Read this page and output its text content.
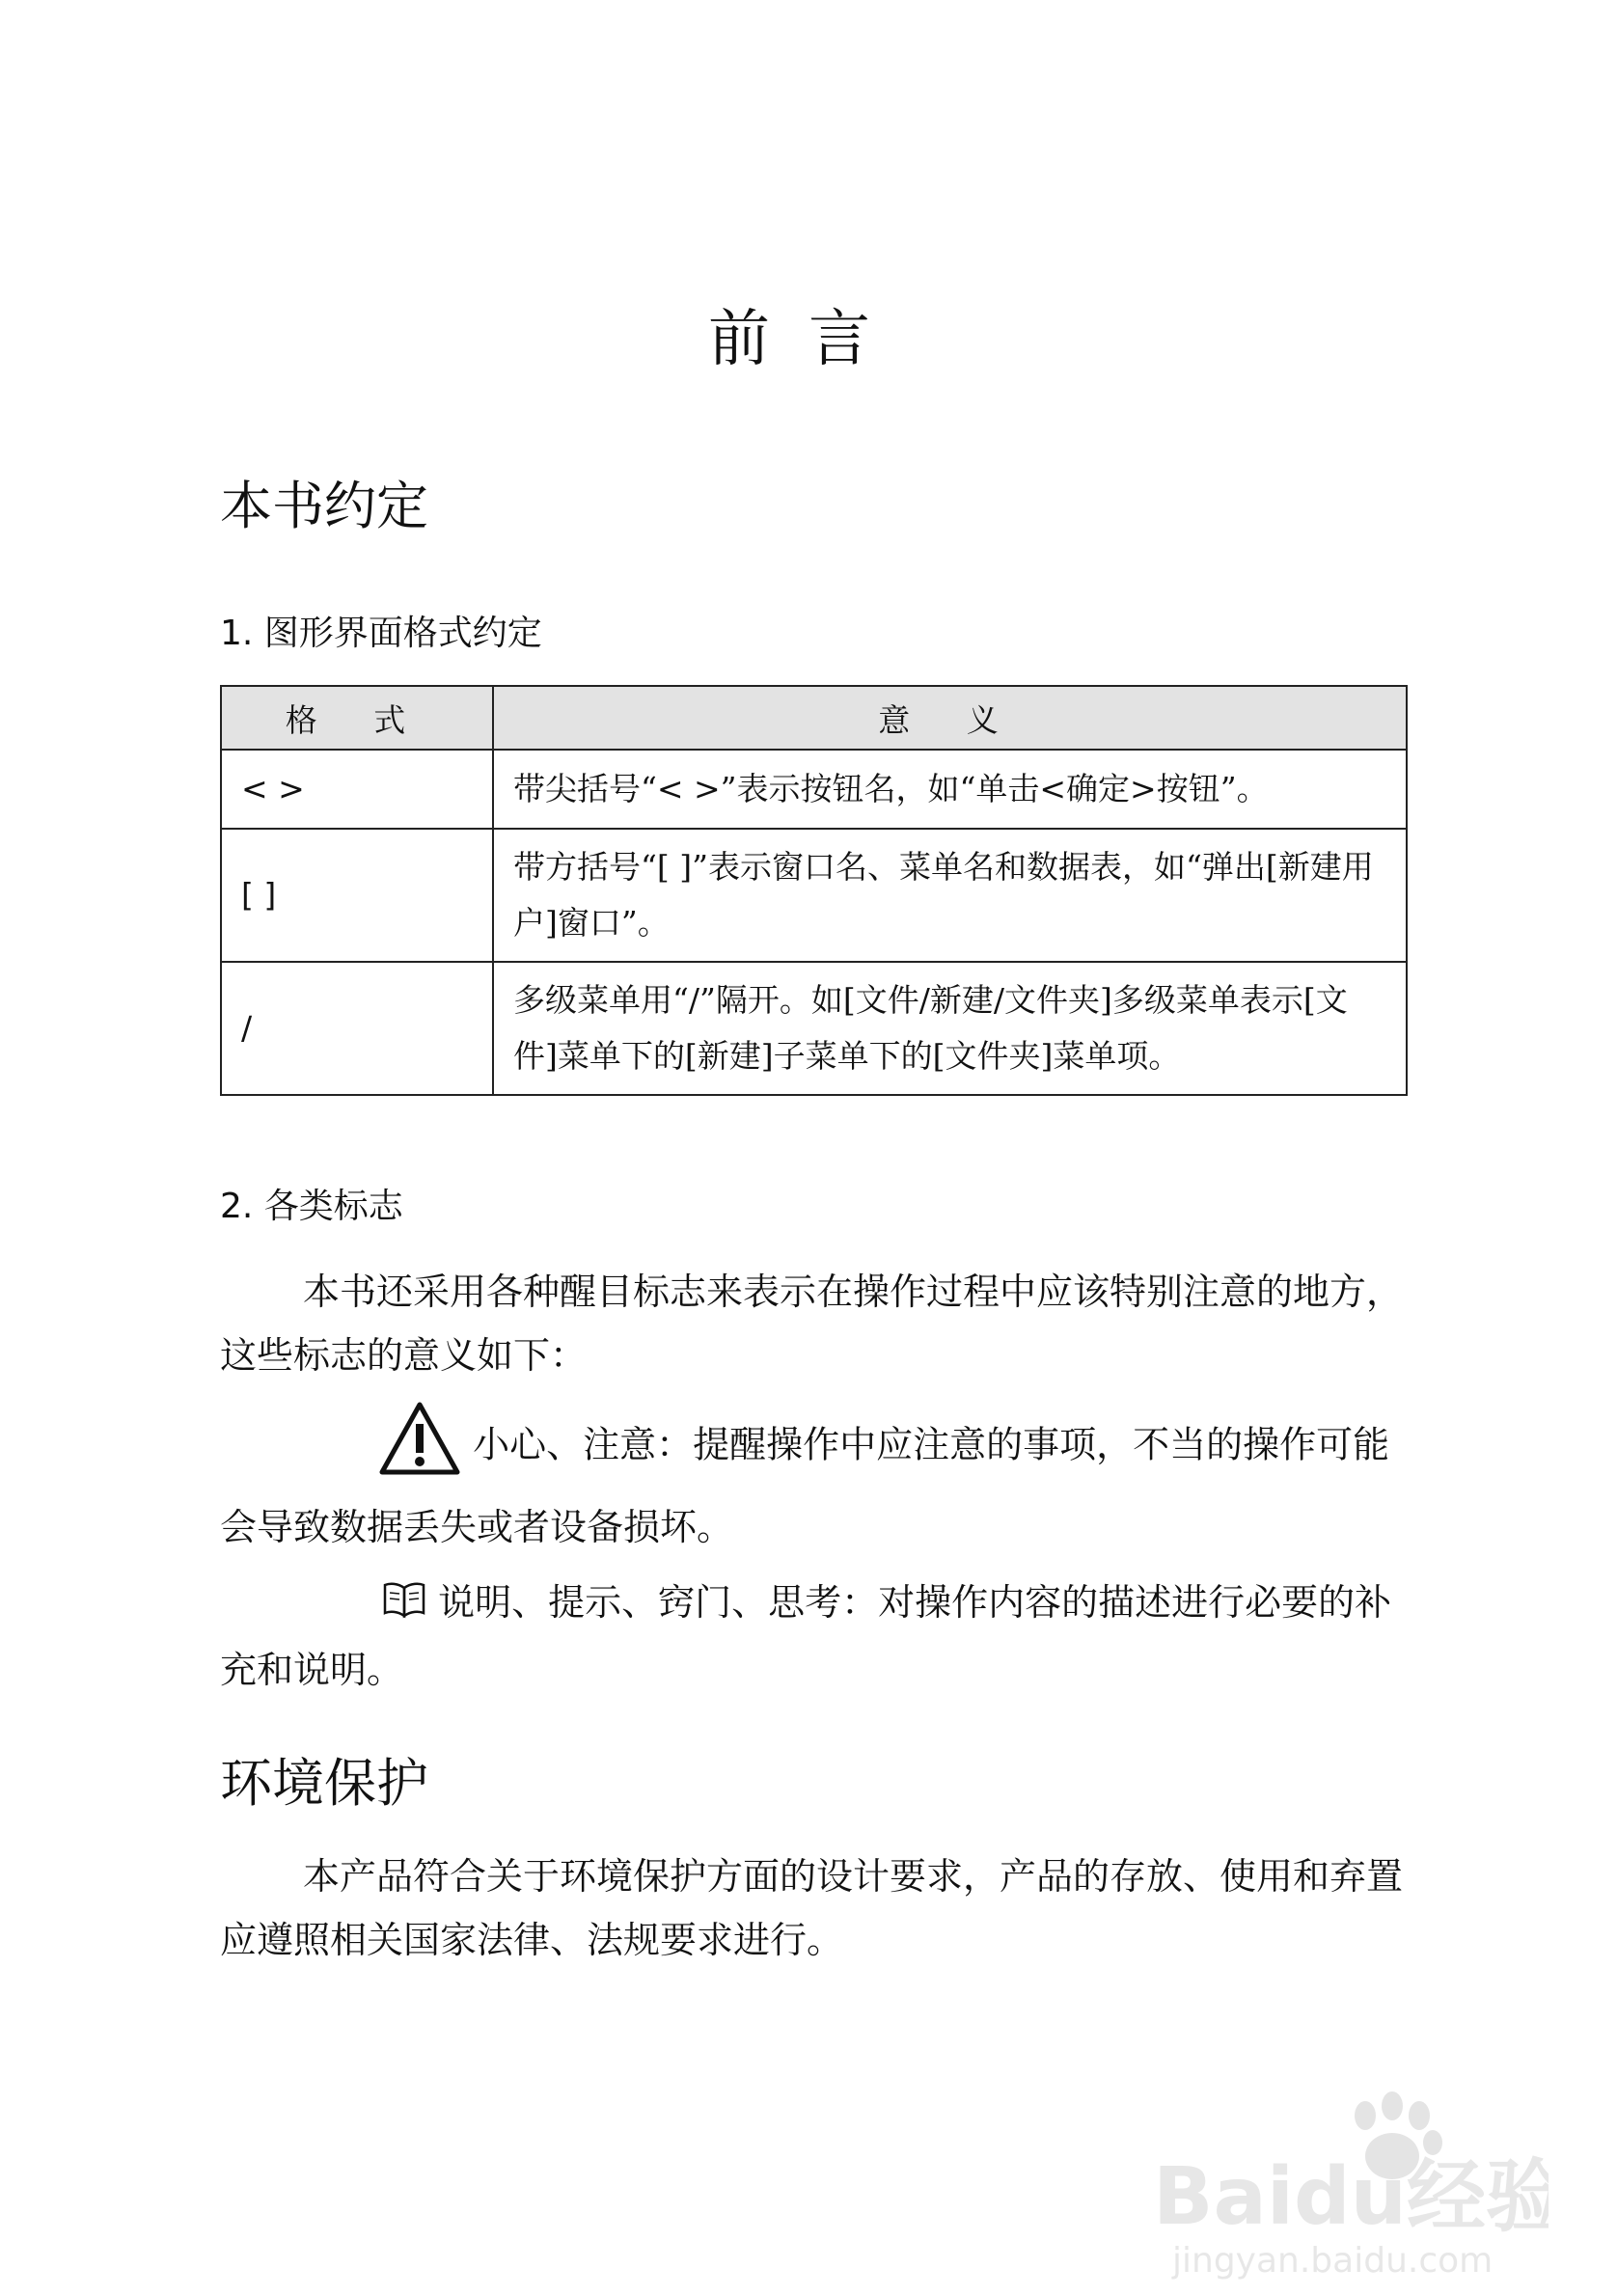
前言
本书约定
1. 图形界面格式约定
格 式	意 义
< >	带尖括号“< >”表示按钮名，如“单击<确定>按钮”。
[ ]	带方括号“[ ]”表示窗口名、菜单名和数据表，如“弹出[新建用户]窗口”。
/	多级菜单用“/”隔开。如[文件/新建/文件夹]多级菜单表示[文件]菜单下的[新建]子菜单下的[文件夹]菜单项。
2. 各类标志

本书还采用各种醒目标志来表示在操作过程中应该特别注意的地方，这些标志的意义如下：

小心、注意：提醒操作中应注意的事项，不当的操作可能会导致数据丢失或者设备损坏。

说明、提示、窍门、思考：对操作内容的描述进行必要的补充和说明。

环境保护

本产品符合关于环境保护方面的设计要求，产品的存放、使用和弃置应遵照相关国家法律、法规要求进行。

Baidu经验
jingyan.baidu.com
